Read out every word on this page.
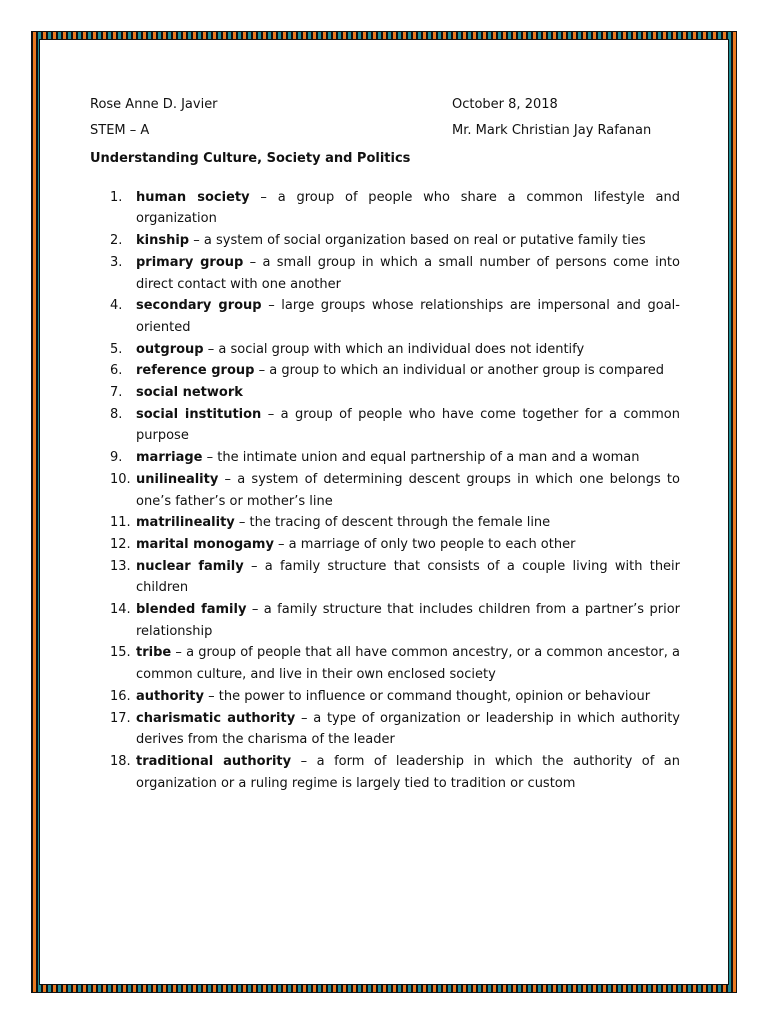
Rose Anne D. Javier	October 8, 2018
STEM – A	Mr. Mark Christian Jay Rafanan
Understanding Culture, Society and Politics
1. human society – a group of people who share a common lifestyle and organization
2. kinship – a system of social organization based on real or putative family ties
3. primary group – a small group in which a small number of persons come into direct contact with one another
4. secondary group – large groups whose relationships are impersonal and goal-oriented
5. outgroup – a social group with which an individual does not identify
6. reference group – a group to which an individual or another group is compared
7. social network
8. social institution – a group of people who have come together for a common purpose
9. marriage – the intimate union and equal partnership of a man and a woman
10. unilineality – a system of determining descent groups in which one belongs to one’s father’s or mother’s line
11. matrilineality – the tracing of descent through the female line
12. marital monogamy – a marriage of only two people to each other
13. nuclear family – a family structure that consists of a couple living with their children
14. blended family – a family structure that includes children from a partner’s prior relationship
15. tribe – a group of people that all have common ancestry, or a common ancestor, a common culture, and live in their own enclosed society
16. authority – the power to influence or command thought, opinion or behaviour
17. charismatic authority – a type of organization or leadership in which authority derives from the charisma of the leader
18. traditional authority – a form of leadership in which the authority of an organization or a ruling regime is largely tied to tradition or custom
